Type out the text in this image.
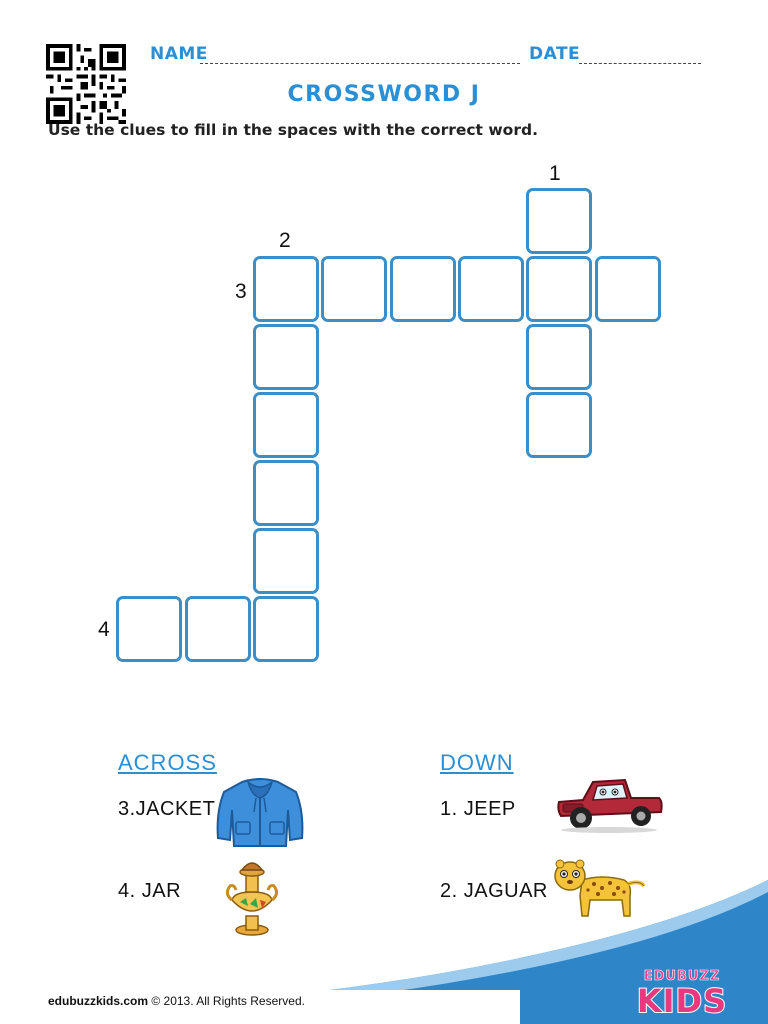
NAME	DATE
CROSSWORD J
Use the clues to fill in the spaces with the correct word.
1
2
3
4
ACROSS
3.JACKET
4. JAR
DOWN
1. JEEP
2. JAGUAR
edubuzzkids.com © 2013. All Rights Reserved.
EDUBUZZ
KIDS
